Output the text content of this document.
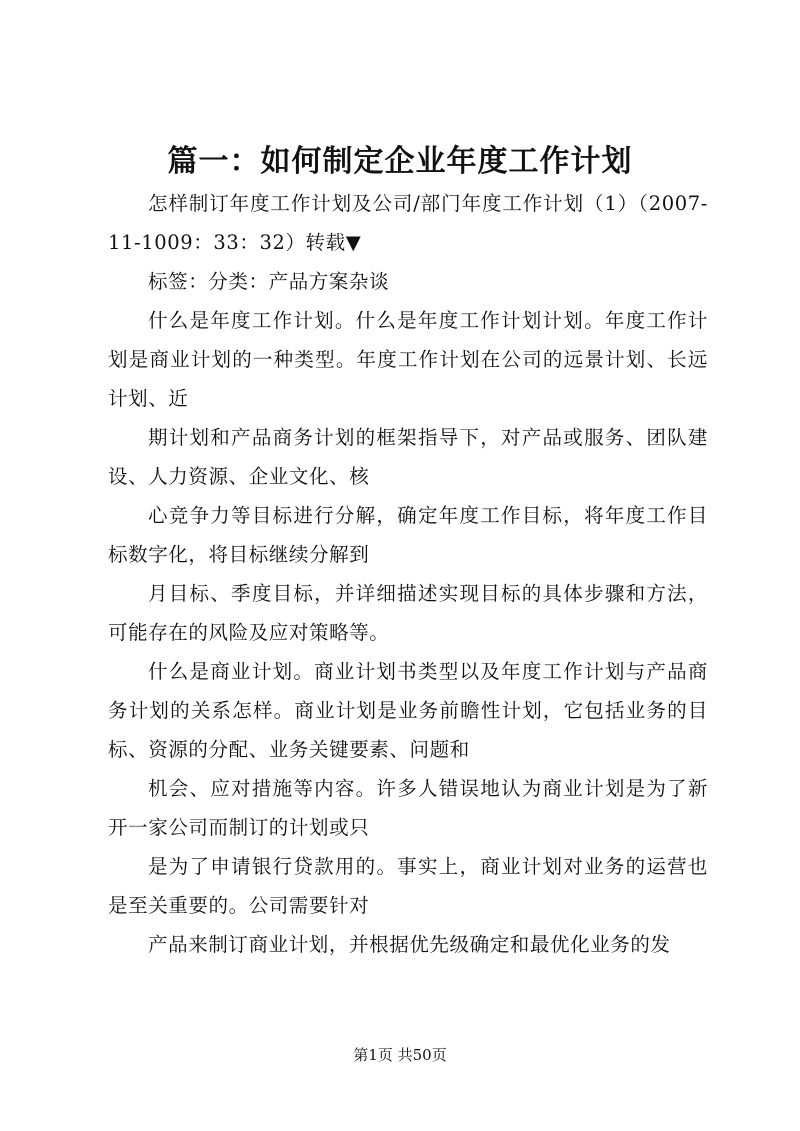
篇一：如何制定企业年度工作计划

怎样制订年度工作计划及公司/部门年度工作计划（1）（2007-11-1009：33：32）转载▼

标签：分类：产品方案杂谈

什么是年度工作计划。什么是年度工作计划计划。年度工作计划是商业计划的一种类型。年度工作计划在公司的远景计划、长远计划、近

期计划和产品商务计划的框架指导下，对产品或服务、团队建设、人力资源、企业文化、核

心竞争力等目标进行分解，确定年度工作目标，将年度工作目标数字化，将目标继续分解到

月目标、季度目标，并详细描述实现目标的具体步骤和方法，可能存在的风险及应对策略等。

什么是商业计划。商业计划书类型以及年度工作计划与产品商务计划的关系怎样。商业计划是业务前瞻性计划，它包括业务的目标、资源的分配、业务关键要素、问题和

机会、应对措施等内容。许多人错误地认为商业计划是为了新开一家公司而制订的计划或只

是为了申请银行贷款用的。事实上，商业计划对业务的运营也是至关重要的。公司需要针对

产品来制订商业计划，并根据优先级确定和最优化业务的发

第1页 共50页
